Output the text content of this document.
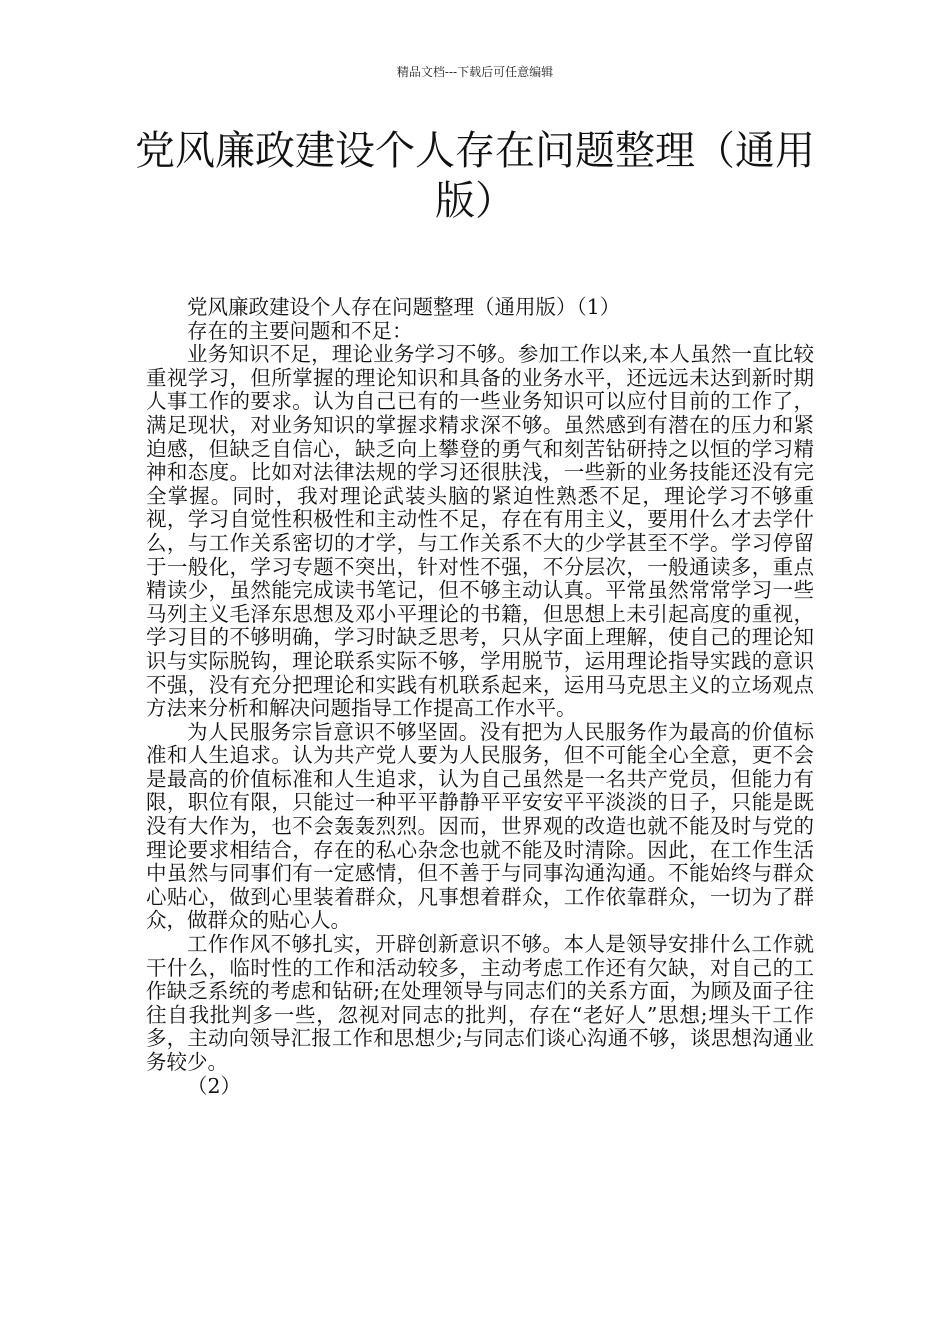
精品文档---下载后可任意编辑
党风廉政建设个人存在问题整理（通用版）

党风廉政建设个人存在问题整理（通用版）（1）

存在的主要问题和不足：

业务知识不足，理论业务学习不够。参加工作以来,本人虽然一直比较重视学习，但所掌握的理论知识和具备的业务水平，还远远未达到新时期人事工作的要求。认为自己已有的一些业务知识可以应付目前的工作了，满足现状，对业务知识的掌握求精求深不够。虽然感到有潜在的压力和紧迫感，但缺乏自信心，缺乏向上攀登的勇气和刻苦钻研持之以恒的学习精神和态度。比如对法律法规的学习还很肤浅，一些新的业务技能还没有完全掌握。同时，我对理论武装头脑的紧迫性熟悉不足，理论学习不够重视，学习自觉性积极性和主动性不足，存在有用主义，要用什么才去学什么，与工作关系密切的才学，与工作关系不大的少学甚至不学。学习停留于一般化，学习专题不突出，针对性不强，不分层次，一般通读多，重点精读少，虽然能完成读书笔记，但不够主动认真。平常虽然常常学习一些马列主义毛泽东思想及邓小平理论的书籍，但思想上未引起高度的重视，学习目的不够明确，学习时缺乏思考，只从字面上理解，使自己的理论知识与实际脱钩，理论联系实际不够，学用脱节，运用理论指导实践的意识不强，没有充分把理论和实践有机联系起来，运用马克思主义的立场观点方法来分析和解决问题指导工作提高工作水平。

为人民服务宗旨意识不够坚固。没有把为人民服务作为最高的价值标准和人生追求。认为共产党人要为人民服务，但不可能全心全意，更不会是最高的价值标准和人生追求，认为自己虽然是一名共产党员，但能力有限，职位有限，只能过一种平平静静平平安安平平淡淡的日子，只能是既没有大作为，也不会轰轰烈烈。因而，世界观的改造也就不能及时与党的理论要求相结合，存在的私心杂念也就不能及时清除。因此，在工作生活中虽然与同事们有一定感情，但不善于与同事沟通沟通。不能始终与群众心贴心，做到心里装着群众，凡事想着群众，工作依靠群众，一切为了群众，做群众的贴心人。

工作作风不够扎实，开辟创新意识不够。本人是领导安排什么工作就干什么，临时性的工作和活动较多，主动考虑工作还有欠缺，对自己的工作缺乏系统的考虑和钻研;在处理领导与同志们的关系方面，为顾及面子往往自我批判多一些，忽视对同志的批判，存在“老好人”思想;埋头干工作多，主动向领导汇报工作和思想少;与同志们谈心沟通不够，谈思想沟通业务较少。

（2）
